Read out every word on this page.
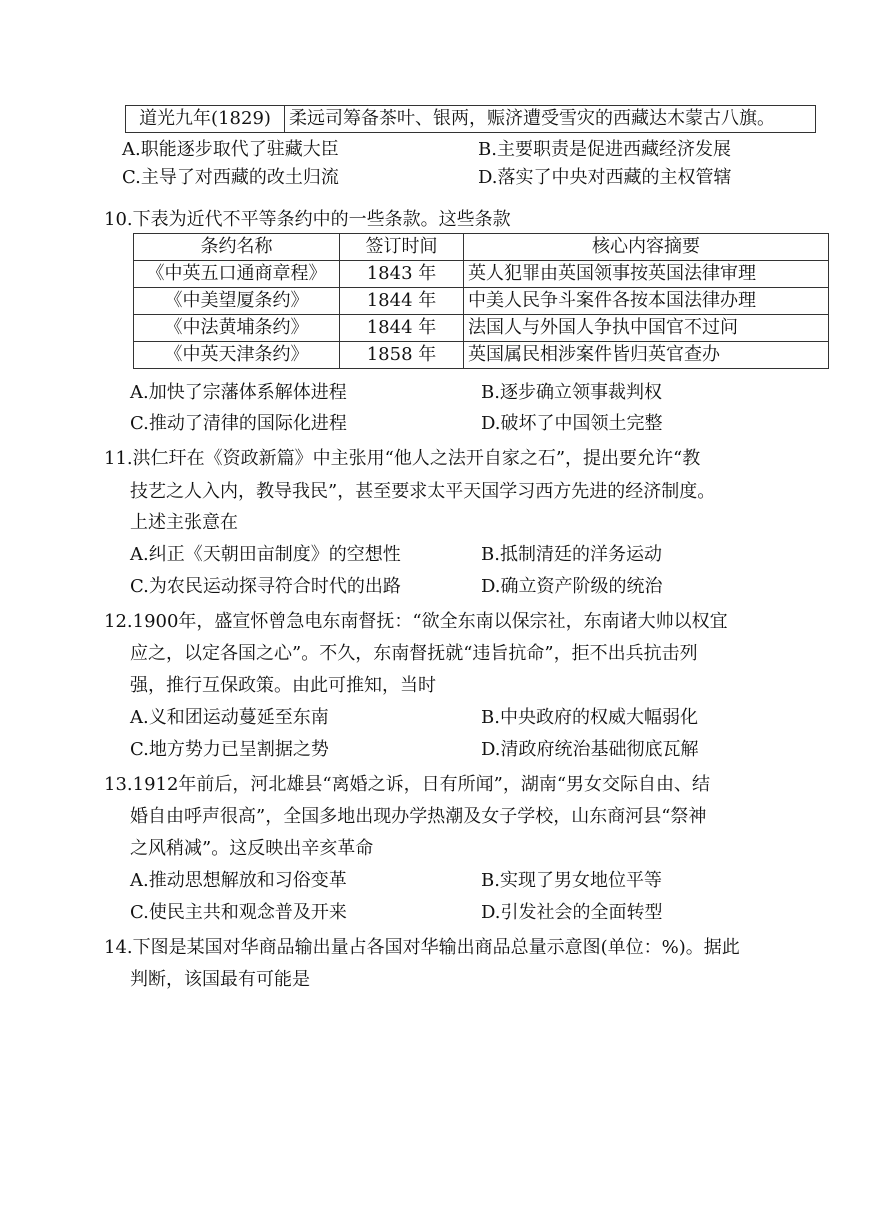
道光九年(1829)	柔远司筹备茶叶、银两，赈济遭受雪灾的西藏达木蒙古八旗。
A.职能逐步取代了驻藏大臣	B.主要职责是促进西藏经济发展
C.主导了对西藏的改土归流	D.落实了中央对西藏的主权管辖
10.下表为近代不平等条约中的一些条款。这些条款
条约名称	签订时间	核心内容摘要
《中英五口通商章程》	1843 年	英人犯罪由英国领事按英国法律审理
《中美望厦条约》	1844 年	中美人民争斗案件各按本国法律办理
《中法黄埔条约》	1844 年	法国人与外国人争执中国官不过问
《中英天津条约》	1858 年	英国属民相涉案件皆归英官查办
A.加快了宗藩体系解体进程	B.逐步确立领事裁判权
C.推动了清律的国际化进程	D.破坏了中国领土完整
11.洪仁玕在《资政新篇》中主张用“他人之法开自家之石”，提出要允许“教
技艺之人入内，教导我民”，甚至要求太平天国学习西方先进的经济制度。
上述主张意在
A.纠正《天朝田亩制度》的空想性	B.抵制清廷的洋务运动
C.为农民运动探寻符合时代的出路	D.确立资产阶级的统治
12.1900年，盛宣怀曾急电东南督抚：“欲全东南以保宗社，东南诸大帅以权宜
应之，以定各国之心”。不久，东南督抚就“违旨抗命”，拒不出兵抗击列
强，推行互保政策。由此可推知，当时
A.义和团运动蔓延至东南	B.中央政府的权威大幅弱化
C.地方势力已呈割据之势	D.清政府统治基础彻底瓦解
13.1912年前后，河北雄县“离婚之诉，日有所闻”，湖南“男女交际自由、结
婚自由呼声很高”，全国多地出现办学热潮及女子学校，山东商河县“祭神
之风稍减”。这反映出辛亥革命
A.推动思想解放和习俗变革	B.实现了男女地位平等
C.使民主共和观念普及开来	D.引发社会的全面转型
14.下图是某国对华商品输出量占各国对华输出商品总量示意图(单位：%)。据此
判断，该国最有可能是
